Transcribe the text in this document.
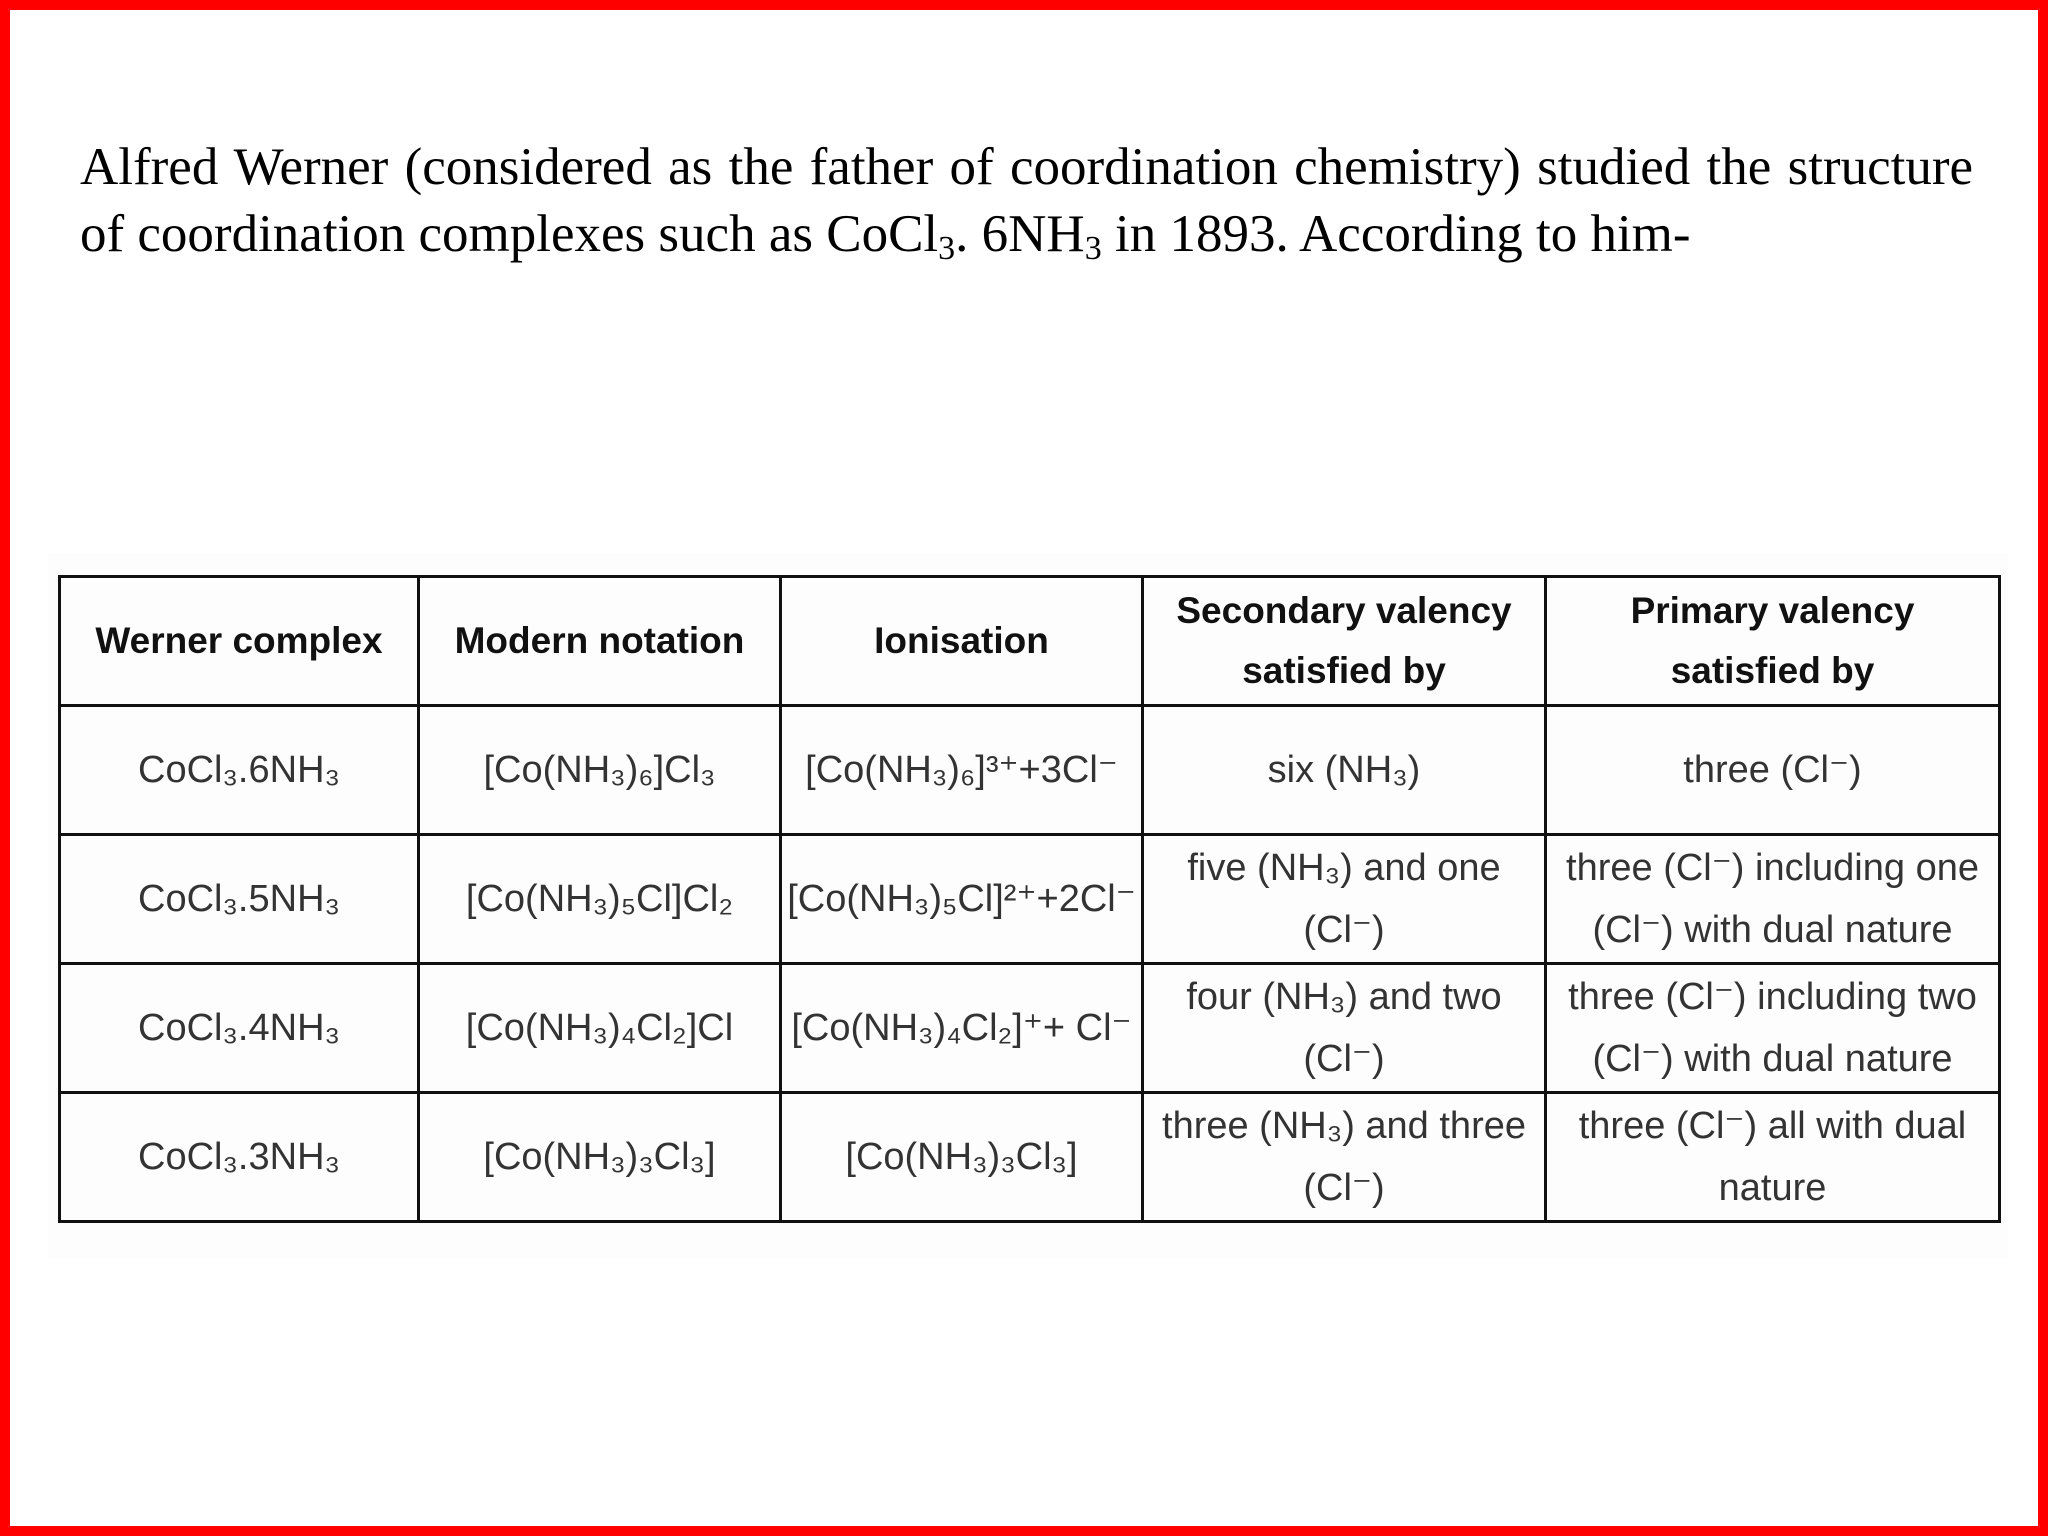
Alfred Werner (considered as the father of coordination chemistry) studied the structure of coordination complexes such as CoCl$_3$. $6NH_3$ in 1893. According to him-

Werner complex	Modern notation	Ionisation	Secondary valency satisfied by	Primary valency satisfied by
CoCl₃.6NH₃	[Co(NH₃)₆]Cl₃	[Co(NH₃)₆]³⁺+3Cl⁻	six (NH₃)	three (Cl⁻)
CoCl₃.5NH₃	[Co(NH₃)₅Cl]Cl₂	[Co(NH₃)₅Cl]²⁺+2Cl⁻	five (NH₃) and one (Cl⁻)	three (Cl⁻) including one (Cl⁻) with dual nature
CoCl₃.4NH₃	[Co(NH₃)₄Cl₂]Cl	[Co(NH₃)₄Cl₂]⁺+ Cl⁻	four (NH₃) and two (Cl⁻)	three (Cl⁻) including two (Cl⁻) with dual nature
CoCl₃.3NH₃	[Co(NH₃)₃Cl₃]	[Co(NH₃)₃Cl₃]	three (NH₃) and three (Cl⁻)	three (Cl⁻) all with dual nature
